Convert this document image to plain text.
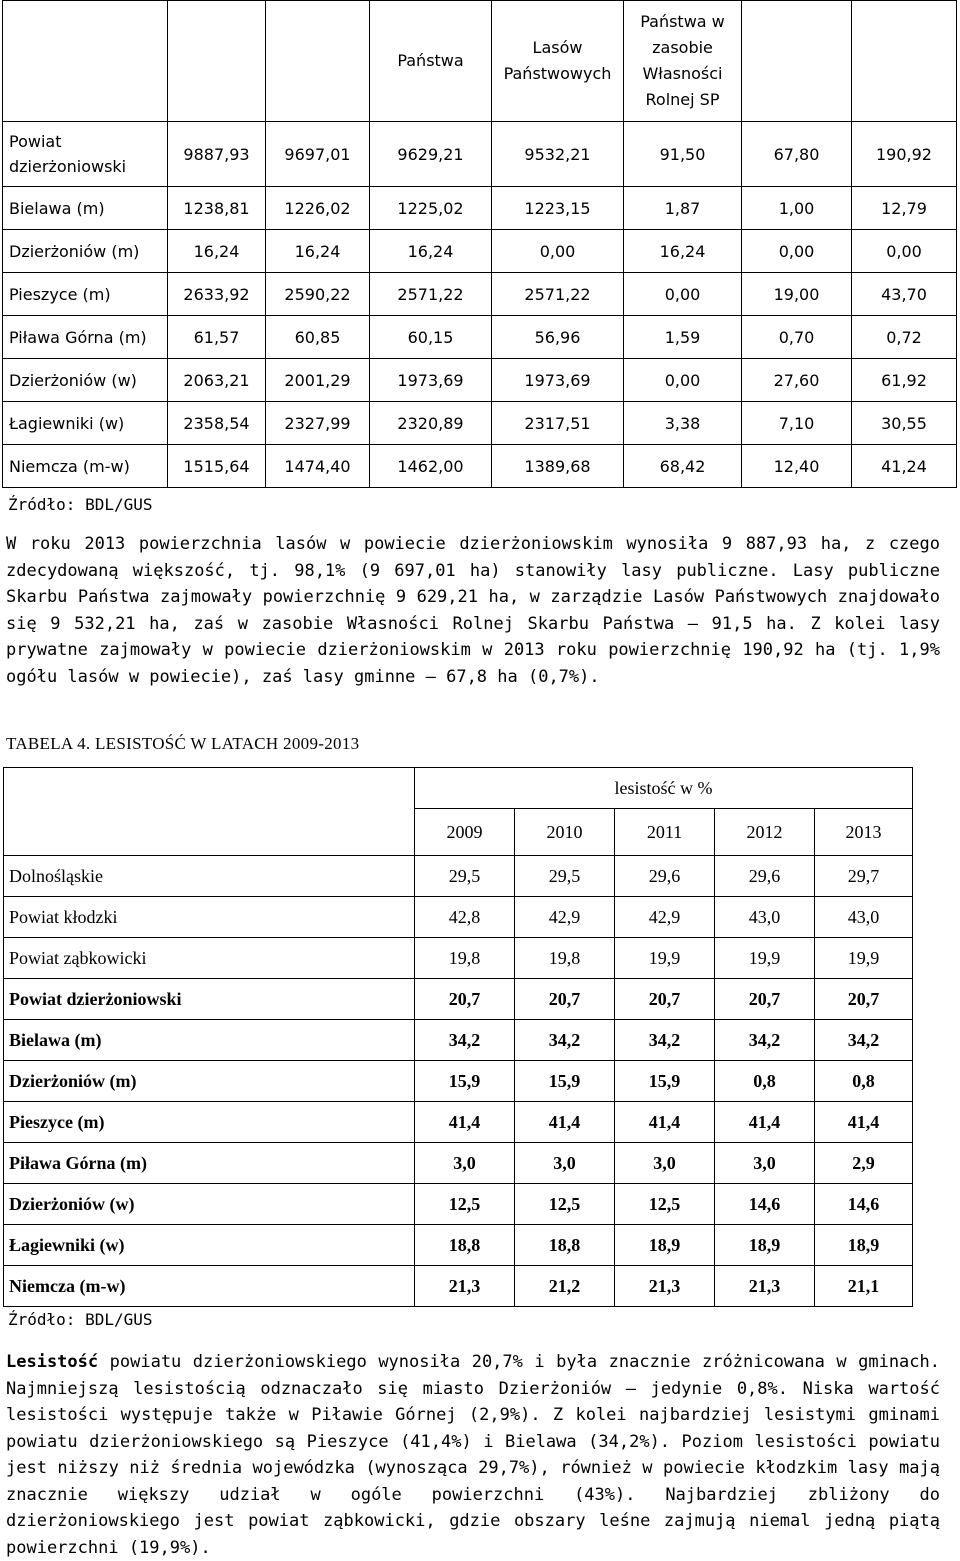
			Państwa	Lasów Państwowych	Państwa w zasobie Własności Rolnej SP		
Powiat dzierżoniowski	9887,93	9697,01	9629,21	9532,21	91,50	67,80	190,92
Bielawa (m)	1238,81	1226,02	1225,02	1223,15	1,87	1,00	12,79
Dzierżoniów (m)	16,24	16,24	16,24	0,00	16,24	0,00	0,00
Pieszyce (m)	2633,92	2590,22	2571,22	2571,22	0,00	19,00	43,70
Piława Górna (m)	61,57	60,85	60,15	56,96	1,59	0,70	0,72
Dzierżoniów (w)	2063,21	2001,29	1973,69	1973,69	0,00	27,60	61,92
Łagiewniki (w)	2358,54	2327,99	2320,89	2317,51	3,38	7,10	30,55
Niemcza (m-w)	1515,64	1474,40	1462,00	1389,68	68,42	12,40	41,24
Źródło: BDL/GUS

W roku 2013 powierzchnia lasów w powiecie dzierżoniowskim wynosiła 9 887,93 ha, z czego zdecydowaną większość, tj. 98,1% (9 697,01 ha) stanowiły lasy publiczne. Lasy publiczne Skarbu Państwa zajmowały powierzchnię 9 629,21 ha, w zarządzie Lasów Państwowych znajdowało się 9 532,21 ha, zaś w zasobie Własności Rolnej Skarbu Państwa – 91,5 ha. Z kolei lasy prywatne zajmowały w powiecie dzierżoniowskim w 2013 roku powierzchnię 190,92 ha (tj. 1,9% ogółu lasów w powiecie), zaś lasy gminne – 67,8 ha (0,7%).

TABELA 4. LESISTOŚĆ W LATACH 2009-2013
	lesistość w %				
	2009	2010	2011	2012	2013
Dolnośląskie	29,5	29,5	29,6	29,6	29,7
Powiat kłodzki	42,8	42,9	42,9	43,0	43,0
Powiat ząbkowicki	19,8	19,8	19,9	19,9	19,9
Powiat dzierżoniowski	20,7	20,7	20,7	20,7	20,7
Bielawa (m)	34,2	34,2	34,2	34,2	34,2
Dzierżoniów (m)	15,9	15,9	15,9	0,8	0,8
Pieszyce (m)	41,4	41,4	41,4	41,4	41,4
Piława Górna (m)	3,0	3,0	3,0	3,0	2,9
Dzierżoniów (w)	12,5	12,5	12,5	14,6	14,6
Łagiewniki (w)	18,8	18,8	18,9	18,9	18,9
Niemcza (m-w)	21,3	21,2	21,3	21,3	21,1
Źródło: BDL/GUS

Lesistość powiatu dzierżoniowskiego wynosiła 20,7% i była znacznie zróżnicowana w gminach. Najmniejszą lesistością odznaczało się miasto Dzierżoniów – jedynie 0,8%. Niska wartość lesistości występuje także w Piławie Górnej (2,9%). Z kolei najbardziej lesistymi gminami powiatu dzierżoniowskiego są Pieszyce (41,4%) i Bielawa (34,2%). Poziom lesistości powiatu jest niższy niż średnia wojewódzka (wynosząca 29,7%), również w powiecie kłodzkim lasy mają znacznie większy udział w ogóle powierzchni (43%). Najbardziej zbliżony do dzierżoniowskiego jest powiat ząbkowicki, gdzie obszary leśne zajmują niemal jedną piątą powierzchni (19,9%).
